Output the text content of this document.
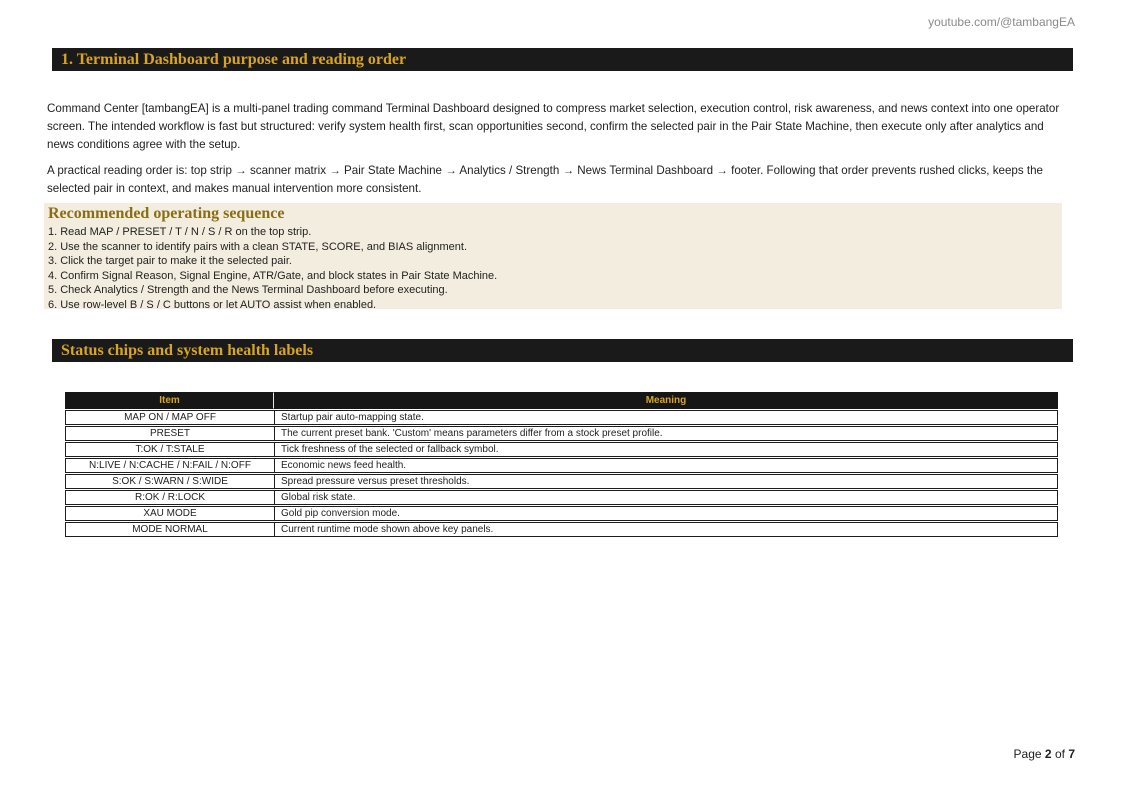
youtube.com/@tambangEA
1. Terminal Dashboard purpose and reading order

Command Center [tambangEA] is a multi-panel trading command Terminal Dashboard designed to compress market selection, execution control, risk awareness, and news context into one operator screen. The intended workflow is fast but structured: verify system health first, scan opportunities second, confirm the selected pair in the Pair State Machine, then execute only after analytics and news conditions agree with the setup.

A practical reading order is: top strip → scanner matrix → Pair State Machine → Analytics / Strength → News Terminal Dashboard → footer. Following that order prevents rushed clicks, keeps the selected pair in context, and makes manual intervention more consistent.

Recommended operating sequence
1. Read MAP / PRESET / T / N / S / R on the top strip.
2. Use the scanner to identify pairs with a clean STATE, SCORE, and BIAS alignment.
3. Click the target pair to make it the selected pair.
4. Confirm Signal Reason, Signal Engine, ATR/Gate, and block states in Pair State Machine.
5. Check Analytics / Strength and the News Terminal Dashboard before executing.
6. Use row-level B / S / C buttons or let AUTO assist when enabled.
Status chips and system health labels
Item	Meaning
MAP ON / MAP OFF	Startup pair auto-mapping state.
PRESET	The current preset bank. 'Custom' means parameters differ from a stock preset profile.
T:OK / T:STALE	Tick freshness of the selected or fallback symbol.
N:LIVE / N:CACHE / N:FAIL / N:OFF	Economic news feed health.
S:OK / S:WARN / S:WIDE	Spread pressure versus preset thresholds.
R:OK / R:LOCK	Global risk state.
XAU MODE	Gold pip conversion mode.
MODE NORMAL	Current runtime mode shown above key panels.
Page 2 of 7
